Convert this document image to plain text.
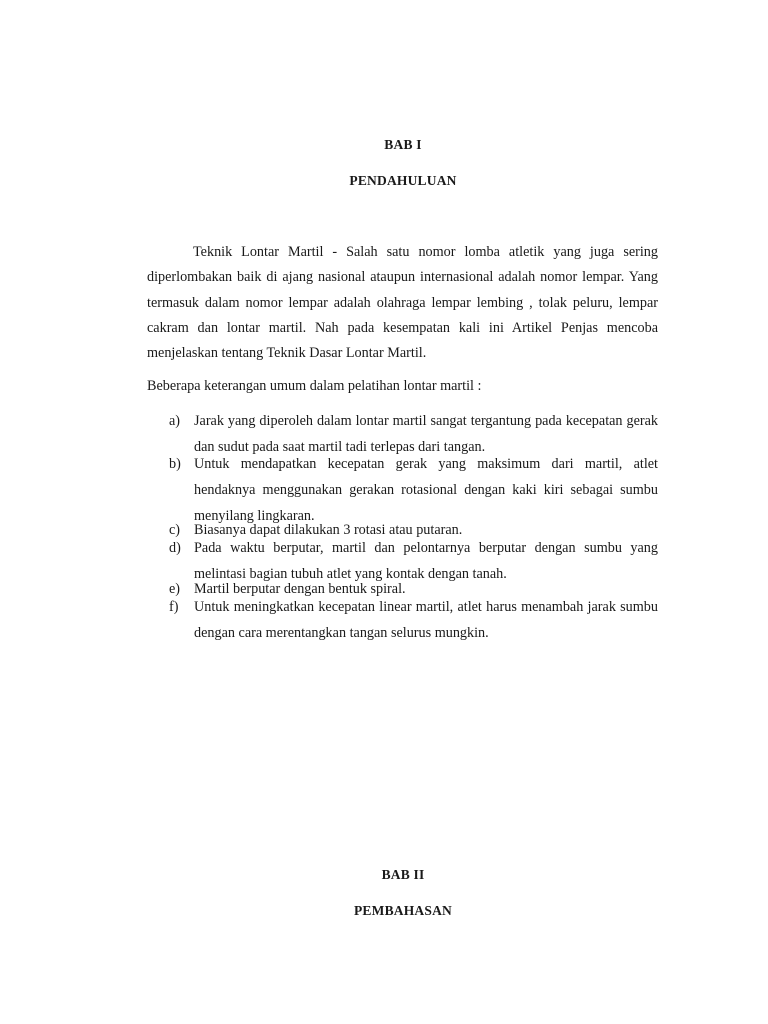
BAB I
PENDAHULUAN

Teknik Lontar Martil - Salah satu nomor lomba atletik yang juga sering diperlombakan baik di ajang nasional ataupun internasional adalah nomor lempar. Yang termasuk dalam nomor lempar adalah olahraga lempar lembing , tolak peluru, lempar cakram dan lontar martil. Nah pada kesempatan kali ini Artikel Penjas mencoba menjelaskan tentang Teknik Dasar Lontar Martil.

Beberapa keterangan umum dalam pelatihan lontar martil :

a) Jarak yang diperoleh dalam lontar martil sangat tergantung pada kecepatan gerak dan sudut pada saat martil tadi terlepas dari tangan.

b) Untuk mendapatkan kecepatan gerak yang maksimum dari martil, atlet hendaknya menggunakan gerakan rotasional dengan kaki kiri sebagai sumbu menyilang lingkaran.

c) Biasanya dapat dilakukan 3 rotasi atau putaran.

d) Pada waktu berputar, martil dan pelontarnya berputar dengan sumbu yang melintasi bagian tubuh atlet yang kontak dengan tanah.

e) Martil berputar dengan bentuk spiral.

f) Untuk meningkatkan kecepatan linear martil, atlet harus menambah jarak sumbu dengan cara merentangkan tangan selurus mungkin.

BAB II
PEMBAHASAN
